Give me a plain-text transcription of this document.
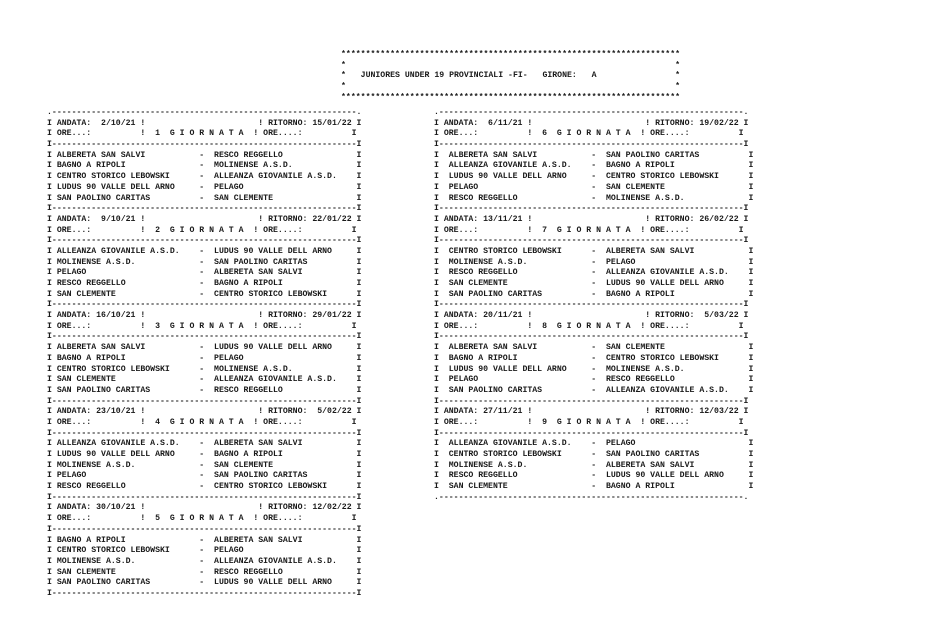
*********************************************************************
*                                                                   *
*   JUNIORES UNDER 19 PROVINCIALI -FI-   GIRONE:   A                *
*                                                                   *
*********************************************************************
.--------------------------------------------------------------.
I ANDATA:  2/10/21 !                       ! RITORNO: 15/01/22 I
I ORE...:          !  1  G I O R N A T A  ! ORE....:          I
I--------------------------------------------------------------I
I ALBERETA SAN SALVI           -  RESCO REGGELLO               I
I BAGNO A RIPOLI               -  MOLINENSE A.S.D.             I
I CENTRO STORICO LEBOWSKI      -  ALLEANZA GIOVANILE A.S.D.    I
I LUDUS 90 VALLE DELL ARNO     -  PELAGO                       I
I SAN PAOLINO CARITAS          -  SAN CLEMENTE                 I
I--------------------------------------------------------------I
I ANDATA:  9/10/21 !                       ! RITORNO: 22/01/22 I
I ORE...:          !  2  G I O R N A T A  ! ORE....:          I
I--------------------------------------------------------------I
I ALLEANZA GIOVANILE A.S.D.    -  LUDUS 90 VALLE DELL ARNO     I
I MOLINENSE A.S.D.             -  SAN PAOLINO CARITAS          I
I PELAGO                       -  ALBERETA SAN SALVI           I
I RESCO REGGELLO               -  BAGNO A RIPOLI               I
I SAN CLEMENTE                 -  CENTRO STORICO LEBOWSKI      I
I--------------------------------------------------------------I
I ANDATA: 16/10/21 !                       ! RITORNO: 29/01/22 I
I ORE...:          !  3  G I O R N A T A  ! ORE....:          I
I--------------------------------------------------------------I
I ALBERETA SAN SALVI           -  LUDUS 90 VALLE DELL ARNO     I
I BAGNO A RIPOLI               -  PELAGO                       I
I CENTRO STORICO LEBOWSKI      -  MOLINENSE A.S.D.             I
I SAN CLEMENTE                 -  ALLEANZA GIOVANILE A.S.D.    I
I SAN PAOLINO CARITAS          -  RESCO REGGELLO               I
I--------------------------------------------------------------I
I ANDATA: 23/10/21 !                       ! RITORNO:  5/02/22 I
I ORE...:          !  4  G I O R N A T A  ! ORE....:          I
I--------------------------------------------------------------I
I ALLEANZA GIOVANILE A.S.D.    -  ALBERETA SAN SALVI           I
I LUDUS 90 VALLE DELL ARNO     -  BAGNO A RIPOLI               I
I MOLINENSE A.S.D.             -  SAN CLEMENTE                 I
I PELAGO                       -  SAN PAOLINO CARITAS          I
I RESCO REGGELLO               -  CENTRO STORICO LEBOWSKI      I
I--------------------------------------------------------------I
I ANDATA: 30/10/21 !                       ! RITORNO: 12/02/22 I
I ORE...:          !  5  G I O R N A T A  ! ORE....:          I
I--------------------------------------------------------------I
I BAGNO A RIPOLI               -  ALBERETA SAN SALVI           I
I CENTRO STORICO LEBOWSKI      -  PELAGO                       I
I MOLINENSE A.S.D.             -  ALLEANZA GIOVANILE A.S.D.    I
I SAN CLEMENTE                 -  RESCO REGGELLO               I
I SAN PAOLINO CARITAS          -  LUDUS 90 VALLE DELL ARNO     I
I--------------------------------------------------------------I
.--------------------------------------------------------------.
I ANDATA:  6/11/21 !                       ! RITORNO: 19/02/22 I
I ORE...:          !  6  G I O R N A T A  ! ORE....:          I
I--------------------------------------------------------------I
I  ALBERETA SAN SALVI           -  SAN PAOLINO CARITAS          I
I  ALLEANZA GIOVANILE A.S.D.    -  BAGNO A RIPOLI               I
I  LUDUS 90 VALLE DELL ARNO     -  CENTRO STORICO LEBOWSKI      I
I  PELAGO                       -  SAN CLEMENTE                 I
I  RESCO REGGELLO               -  MOLINENSE A.S.D.             I
I--------------------------------------------------------------I
I ANDATA: 13/11/21 !                       ! RITORNO: 26/02/22 I
I ORE...:          !  7  G I O R N A T A  ! ORE....:          I
I--------------------------------------------------------------I
I  CENTRO STORICO LEBOWSKI      -  ALBERETA SAN SALVI           I
I  MOLINENSE A.S.D.             -  PELAGO                       I
I  RESCO REGGELLO               -  ALLEANZA GIOVANILE A.S.D.    I
I  SAN CLEMENTE                 -  LUDUS 90 VALLE DELL ARNO     I
I  SAN PAOLINO CARITAS          -  BAGNO A RIPOLI               I
I--------------------------------------------------------------I
I ANDATA: 20/11/21 !                       ! RITORNO:  5/03/22 I
I ORE...:          !  8  G I O R N A T A  ! ORE....:          I
I--------------------------------------------------------------I
I  ALBERETA SAN SALVI           -  SAN CLEMENTE                 I
I  BAGNO A RIPOLI               -  CENTRO STORICO LEBOWSKI      I
I  LUDUS 90 VALLE DELL ARNO     -  MOLINENSE A.S.D.             I
I  PELAGO                       -  RESCO REGGELLO               I
I  SAN PAOLINO CARITAS          -  ALLEANZA GIOVANILE A.S.D.    I
I--------------------------------------------------------------I
I ANDATA: 27/11/21 !                       ! RITORNO: 12/03/22 I
I ORE...:          !  9  G I O R N A T A  ! ORE....:          I
I--------------------------------------------------------------I
I  ALLEANZA GIOVANILE A.S.D.    -  PELAGO                       I
I  CENTRO STORICO LEBOWSKI      -  SAN PAOLINO CARITAS          I
I  MOLINENSE A.S.D.             -  ALBERETA SAN SALVI           I
I  RESCO REGGELLO               -  LUDUS 90 VALLE DELL ARNO     I
I  SAN CLEMENTE                 -  BAGNO A RIPOLI               I
.--------------------------------------------------------------.
